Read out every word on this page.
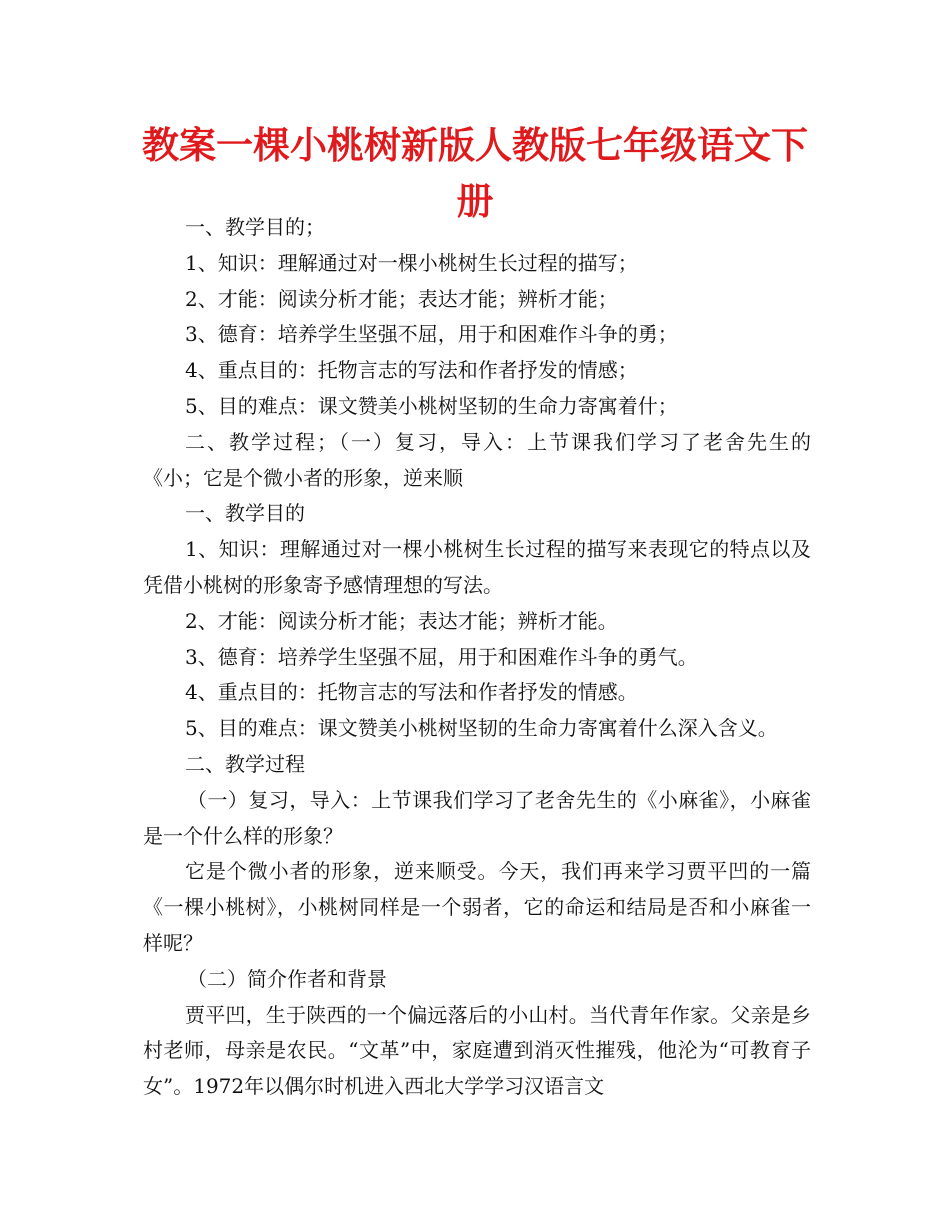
教案一棵小桃树新版人教版七年级语文下册

一、教学目的；

1、知识：理解通过对一棵小桃树生长过程的描写；

2、才能：阅读分析才能；表达才能；辨析才能；

3、德育：培养学生坚强不屈，用于和困难作斗争的勇；

4、重点目的：托物言志的写法和作者抒发的情感；

5、目的难点：课文赞美小桃树坚韧的生命力寄寓着什；

二、教学过程；（一）复习，导入：上节课我们学习了老舍先生的《小；它是个微小者的形象，逆来顺

一、教学目的

1、知识：理解通过对一棵小桃树生长过程的描写来表现它的特点以及凭借小桃树的形象寄予感情理想的写法。

2、才能：阅读分析才能；表达才能；辨析才能。

3、德育：培养学生坚强不屈，用于和困难作斗争的勇气。

4、重点目的：托物言志的写法和作者抒发的情感。

5、目的难点：课文赞美小桃树坚韧的生命力寄寓着什么深入含义。

二、教学过程

（一）复习，导入：上节课我们学习了老舍先生的《小麻雀》，小麻雀是一个什么样的形象？

它是个微小者的形象，逆来顺受。今天，我们再来学习贾平凹的一篇《一棵小桃树》，小桃树同样是一个弱者，它的命运和结局是否和小麻雀一样呢？

（二）简介作者和背景

贾平凹，生于陕西的一个偏远落后的小山村。当代青年作家。父亲是乡村老师，母亲是农民。“文革”中，家庭遭到消灭性摧残，他沦为“可教育子女”。1972年以偶尔时机进入西北大学学习汉语言文
